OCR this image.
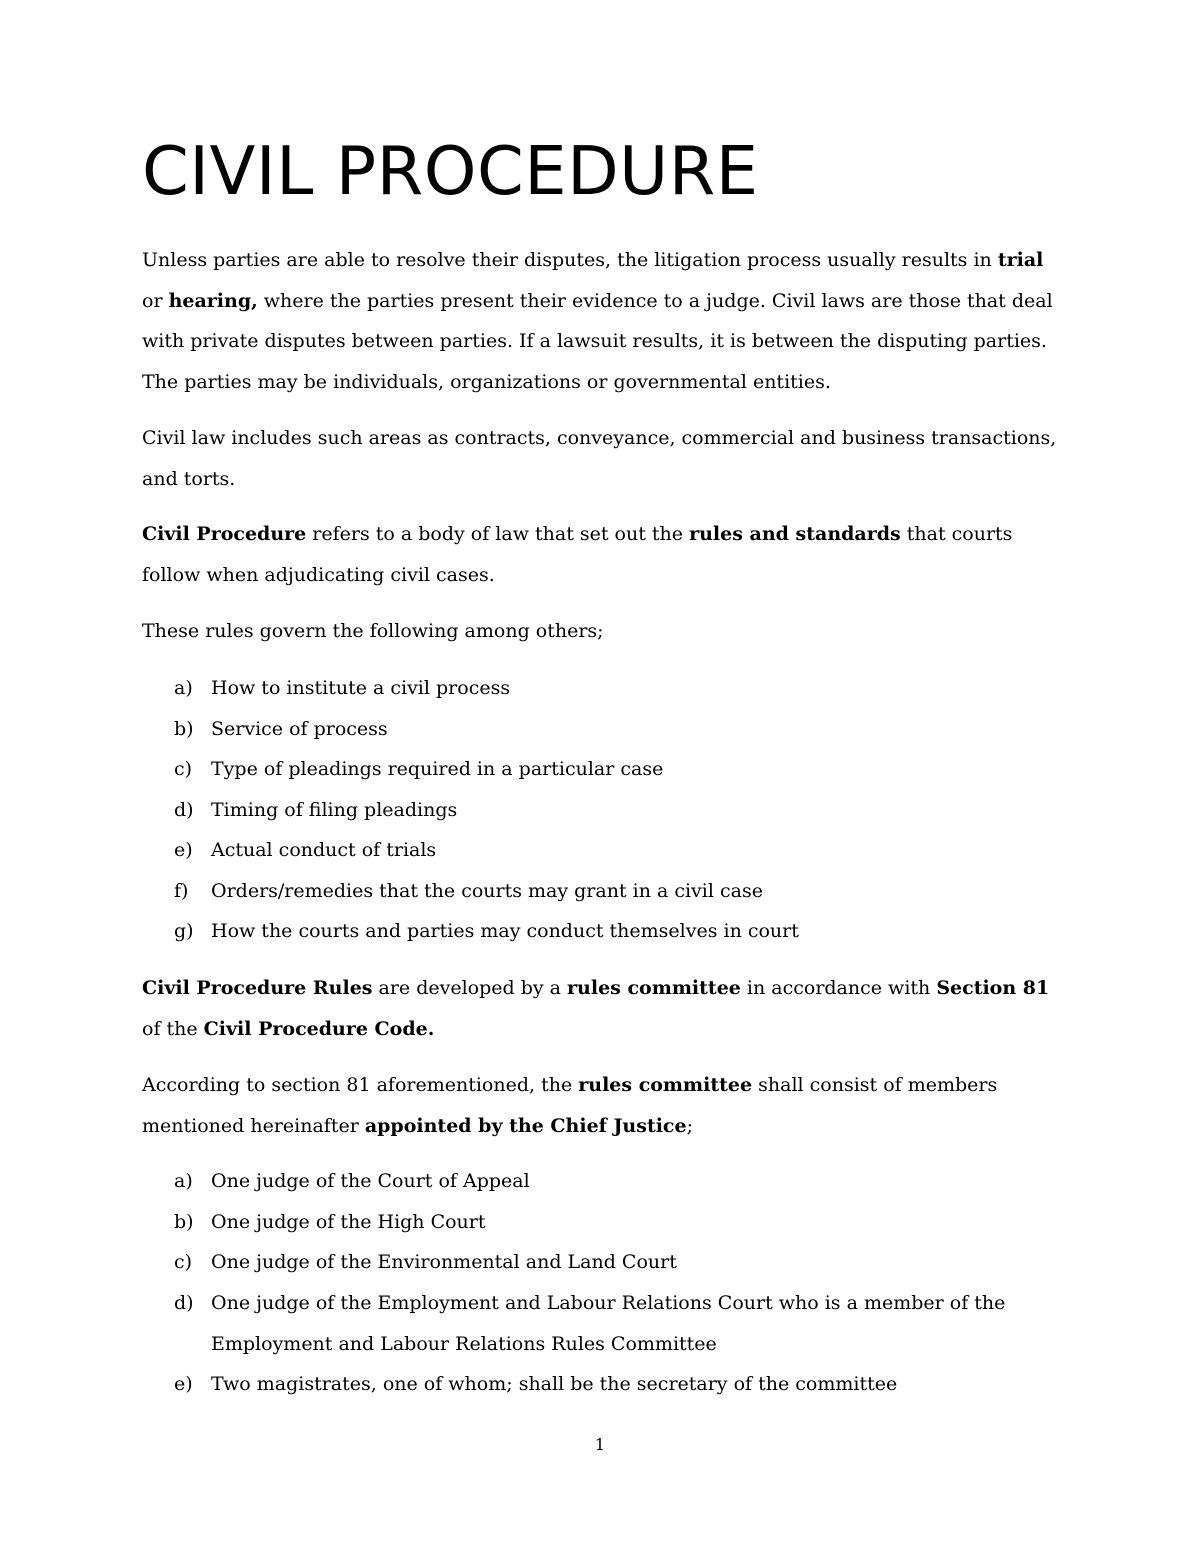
CIVIL PROCEDURE

Unless parties are able to resolve their disputes, the litigation process usually results in trial or hearing, where the parties present their evidence to a judge. Civil laws are those that deal with private disputes between parties. If a lawsuit results, it is between the disputing parties. The parties may be individuals, organizations or governmental entities.

Civil law includes such areas as contracts, conveyance, commercial and business transactions, and torts.

Civil Procedure refers to a body of law that set out the rules and standards that courts follow when adjudicating civil cases.

These rules govern the following among others;

a) How to institute a civil process

b) Service of process

c) Type of pleadings required in a particular case

d) Timing of filing pleadings

e) Actual conduct of trials

f) Orders/remedies that the courts may grant in a civil case

g) How the courts and parties may conduct themselves in court

Civil Procedure Rules are developed by a rules committee in accordance with Section 81 of the Civil Procedure Code.

According to section 81 aforementioned, the rules committee shall consist of members mentioned hereinafter appointed by the Chief Justice;

a) One judge of the Court of Appeal

b) One judge of the High Court

c) One judge of the Environmental and Land Court

d) One judge of the Employment and Labour Relations Court who is a member of the Employment and Labour Relations Rules Committee

e) Two magistrates, one of whom; shall be the secretary of the committee

1
